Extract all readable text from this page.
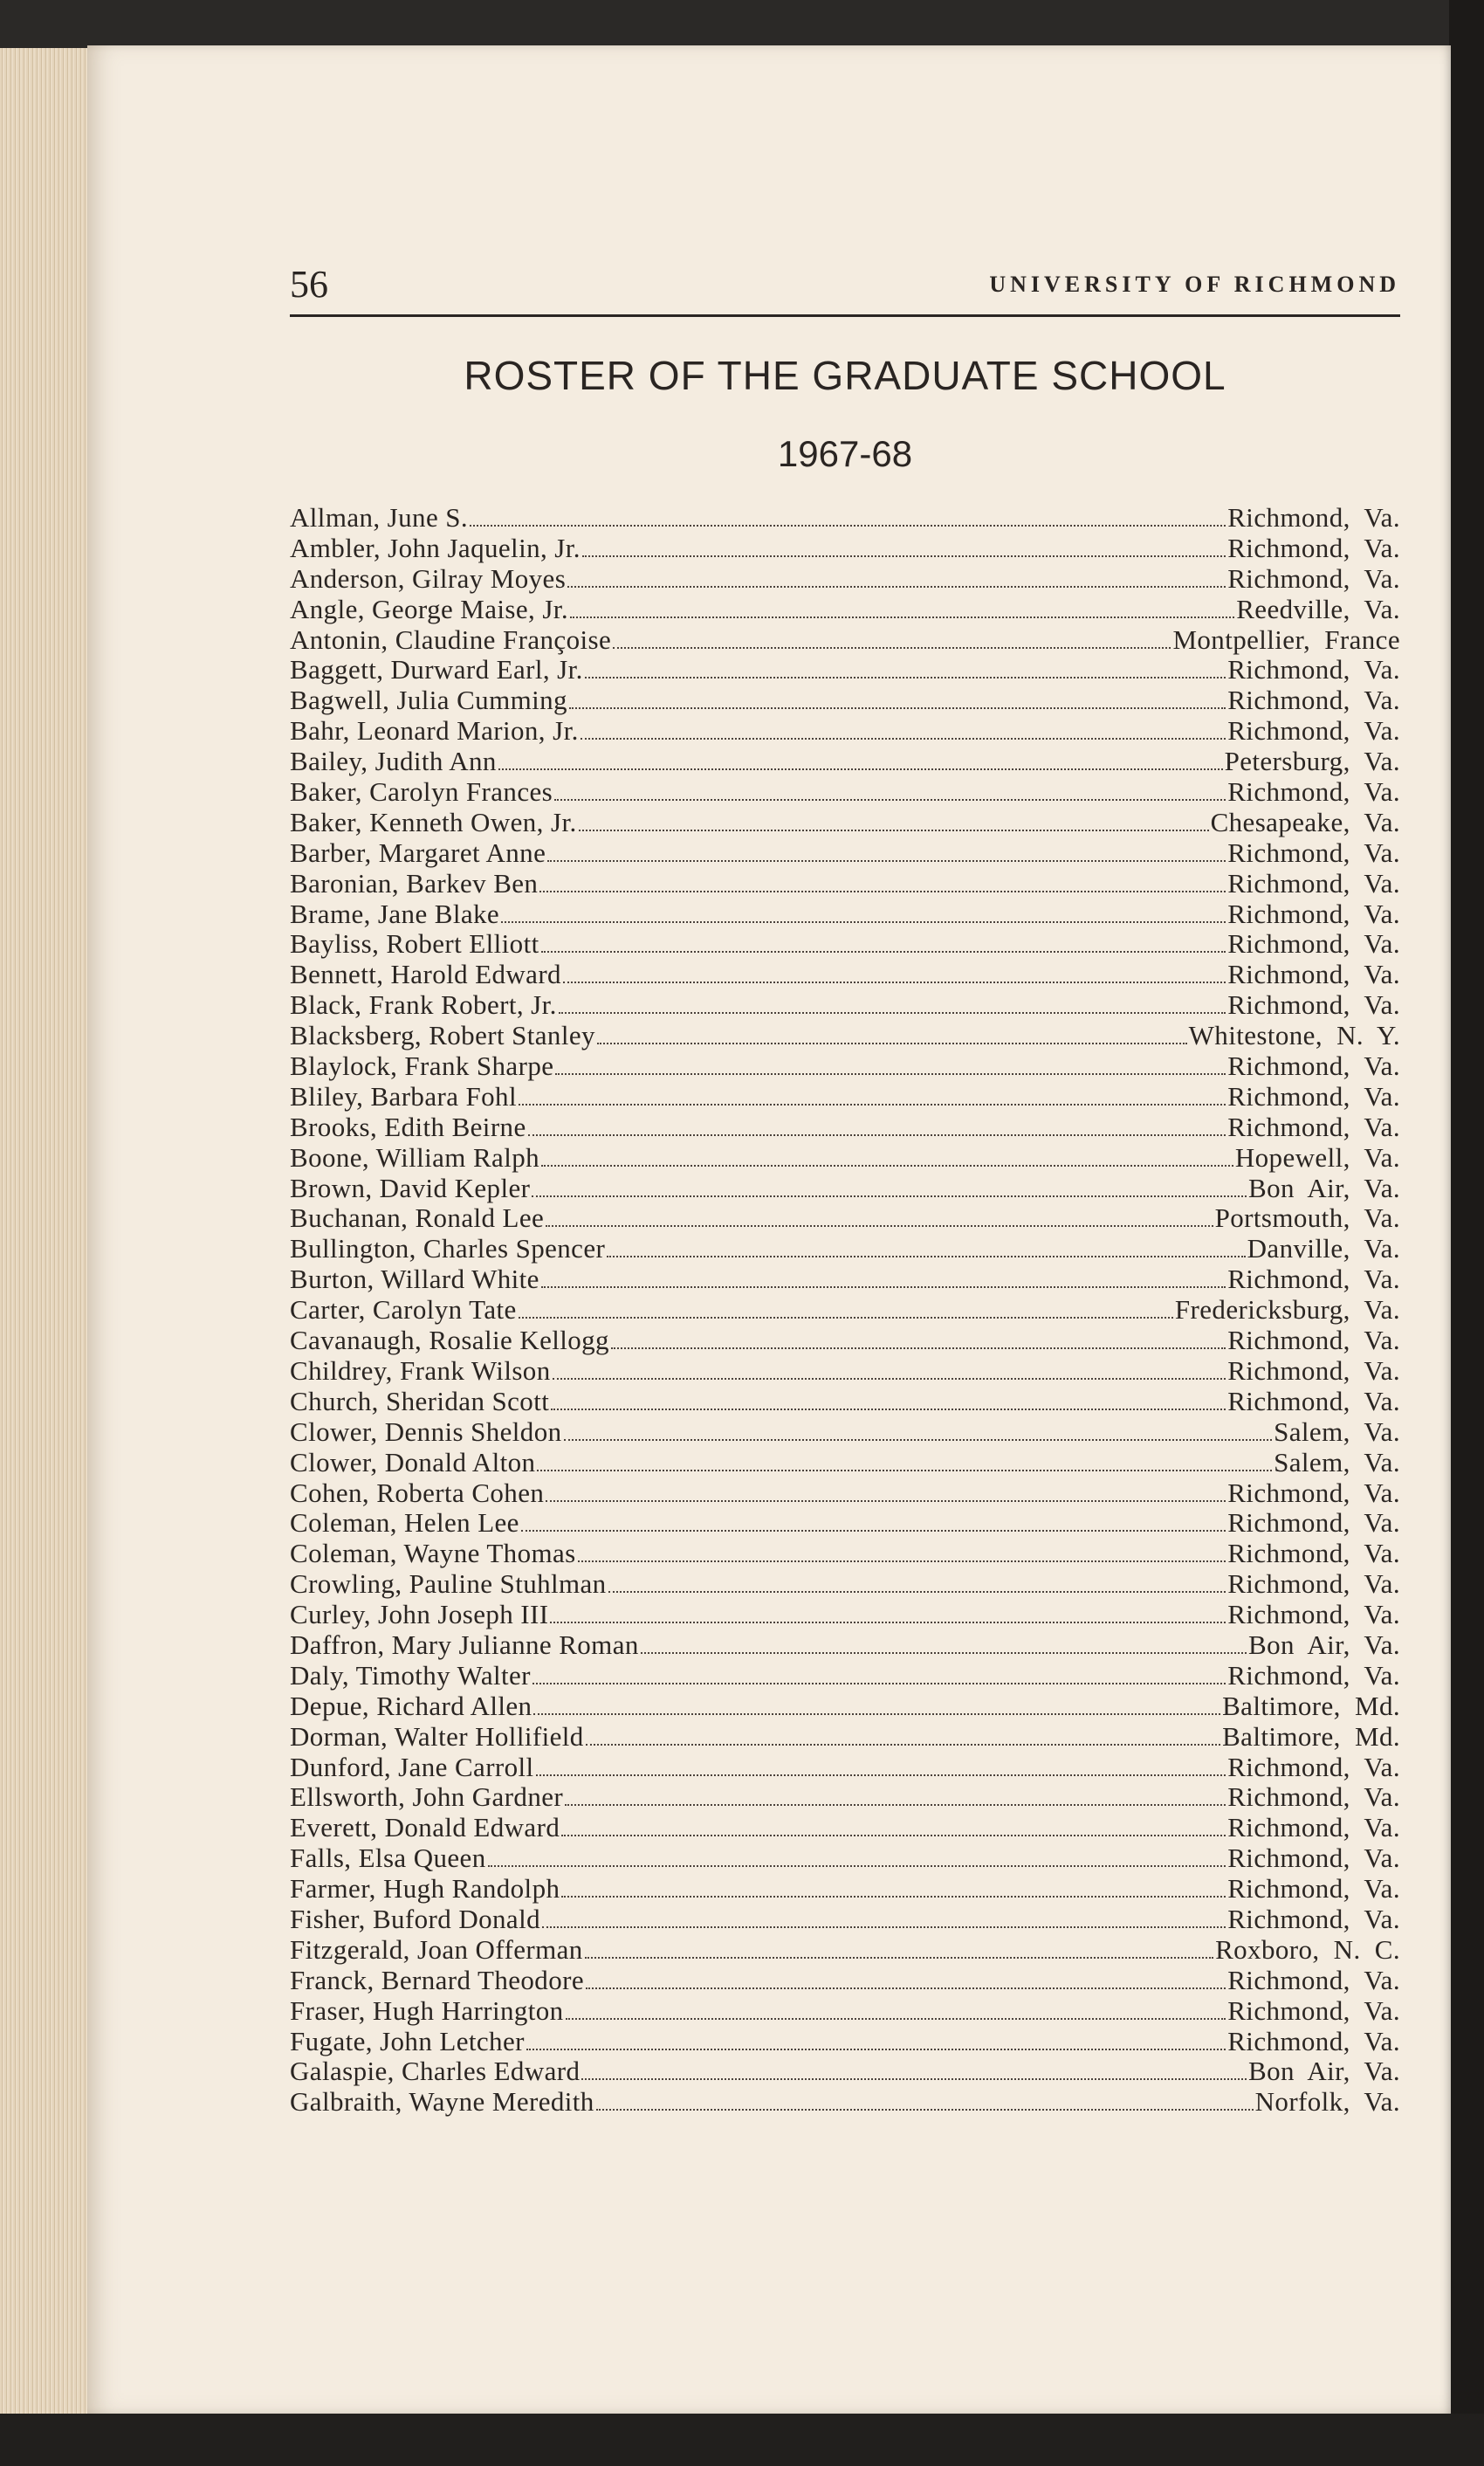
56	UNIVERSITY OF RICHMOND
ROSTER OF THE GRADUATE SCHOOL
1967-68
Allman, June S.	Richmond, Va.
Ambler, John Jaquelin, Jr.	Richmond, Va.
Anderson, Gilray Moyes	Richmond, Va.
Angle, George Maise, Jr.	Reedville, Va.
Antonin, Claudine Françoise	Montpellier, France
Baggett, Durward Earl, Jr.	Richmond, Va.
Bagwell, Julia Cumming	Richmond, Va.
Bahr, Leonard Marion, Jr.	Richmond, Va.
Bailey, Judith Ann	Petersburg, Va.
Baker, Carolyn Frances	Richmond, Va.
Baker, Kenneth Owen, Jr.	Chesapeake, Va.
Barber, Margaret Anne	Richmond, Va.
Baronian, Barkev Ben	Richmond, Va.
Brame, Jane Blake	Richmond, Va.
Bayliss, Robert Elliott	Richmond, Va.
Bennett, Harold Edward	Richmond, Va.
Black, Frank Robert, Jr.	Richmond, Va.
Blacksberg, Robert Stanley	Whitestone, N. Y.
Blaylock, Frank Sharpe	Richmond, Va.
Bliley, Barbara Fohl	Richmond, Va.
Brooks, Edith Beirne	Richmond, Va.
Boone, William Ralph	Hopewell, Va.
Brown, David Kepler	Bon Air, Va.
Buchanan, Ronald Lee	Portsmouth, Va.
Bullington, Charles Spencer	Danville, Va.
Burton, Willard White	Richmond, Va.
Carter, Carolyn Tate	Fredericksburg, Va.
Cavanaugh, Rosalie Kellogg	Richmond, Va.
Childrey, Frank Wilson	Richmond, Va.
Church, Sheridan Scott	Richmond, Va.
Clower, Dennis Sheldon	Salem, Va.
Clower, Donald Alton	Salem, Va.
Cohen, Roberta Cohen	Richmond, Va.
Coleman, Helen Lee	Richmond, Va.
Coleman, Wayne Thomas	Richmond, Va.
Crowling, Pauline Stuhlman	Richmond, Va.
Curley, John Joseph III	Richmond, Va.
Daffron, Mary Julianne Roman	Bon Air, Va.
Daly, Timothy Walter	Richmond, Va.
Depue, Richard Allen	Baltimore, Md.
Dorman, Walter Hollifield	Baltimore, Md.
Dunford, Jane Carroll	Richmond, Va.
Ellsworth, John Gardner	Richmond, Va.
Everett, Donald Edward	Richmond, Va.
Falls, Elsa Queen	Richmond, Va.
Farmer, Hugh Randolph	Richmond, Va.
Fisher, Buford Donald	Richmond, Va.
Fitzgerald, Joan Offerman	Roxboro, N. C.
Franck, Bernard Theodore	Richmond, Va.
Fraser, Hugh Harrington	Richmond, Va.
Fugate, John Letcher	Richmond, Va.
Galaspie, Charles Edward	Bon Air, Va.
Galbraith, Wayne Meredith	Norfolk, Va.
